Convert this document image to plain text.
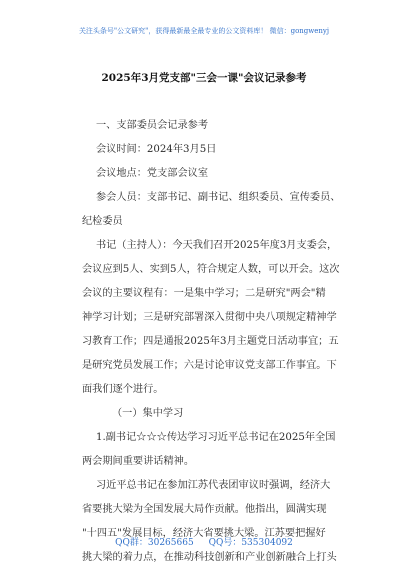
关注头条号"公文研究"，获得最新最全最专业的公文资料库！ 微信：gongwenyj
2025年3月党支部"三会一课"会议记录参考
一、支部委员会记录参考
会议时间：2024年3月5日
会议地点：党支部会议室
参会人员：支部书记、副书记、组织委员、宣传委员、
纪检委员
书记（主持人）：今天我们召开2025年度3月支委会，
会议应到5人、实到5人，符合规定人数，可以开会。这次
会议的主要议程有：一是集中学习；二是研究"两会"精
神学习计划；三是研究部署深入贯彻中央八项规定精神学
习教育工作；四是通报2025年3月主题党日活动事宜；五
是研究党员发展工作；六是讨论审议党支部工作事宜。下
面我们逐个进行。
（一）集中学习
1.副书记☆☆☆传达学习习近平总书记在2025年全国
两会期间重要讲话精神。
习近平总书记在参加江苏代表团审议时强调，经济大
省要挑大梁为全国发展大局作贡献。他指出，圆满实现
"十四五"发展目标，经济大省要挑大梁。江苏要把握好
挑大梁的着力点，在推动科技创新和产业创新融合上打头
QQ群：30265665 QQ号：535304092
